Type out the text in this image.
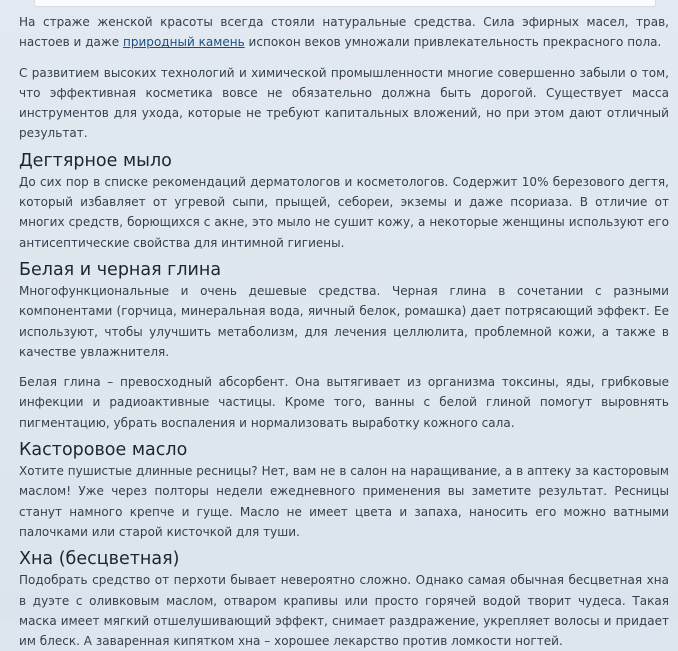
На страже женской красоты всегда стояли натуральные средства. Сила эфирных масел, трав, настоев и даже природный камень испокон веков умножали привлекательность прекрасного пола.

С развитием высоких технологий и химической промышленности многие совершенно забыли о том, что эффективная косметика вовсе не обязательно должна быть дорогой. Существует масса инструментов для ухода, которые не требуют капитальных вложений, но при этом дают отличный результат.

Дегтярное мыло

До сих пор в списке рекомендаций дерматологов и косметологов. Содержит 10% березового дегтя, который избавляет от угревой сыпи, прыщей, себореи, экземы и даже псориаза. В отличие от многих средств, борющихся с акне, это мыло не сушит кожу, а некоторые женщины используют его антисептические свойства для интимной гигиены.

Белая и черная глина

Многофункциональные и очень дешевые средства. Черная глина в сочетании с разными компонентами (горчица, минеральная вода, яичный белок, ромашка) дает потрясающий эффект. Ее используют, чтобы улучшить метаболизм, для лечения целлюлита, проблемной кожи, а также в качестве увлажнителя.

Белая глина – превосходный абсорбент. Она вытягивает из организма токсины, яды, грибковые инфекции и радиоактивные частицы. Кроме того, ванны с белой глиной помогут выровнять пигментацию, убрать воспаления и нормализовать выработку кожного сала.

Касторовое масло

Хотите пушистые длинные ресницы? Нет, вам не в салон на наращивание, а в аптеку за касторовым маслом! Уже через полторы недели ежедневного применения вы заметите результат. Ресницы станут намного крепче и гуще. Масло не имеет цвета и запаха, наносить его можно ватными палочками или старой кисточкой для туши.

Хна (бесцветная)

Подобрать средство от перхоти бывает невероятно сложно. Однако самая обычная бесцветная хна в дуэте с оливковым маслом, отваром крапивы или просто горячей водой творит чудеса. Такая маска имеет мягкий отшелушивающий эффект, снимает раздражение, укрепляет волосы и придает им блеск. А заваренная кипятком хна – хорошее лекарство против ломкости ногтей.
